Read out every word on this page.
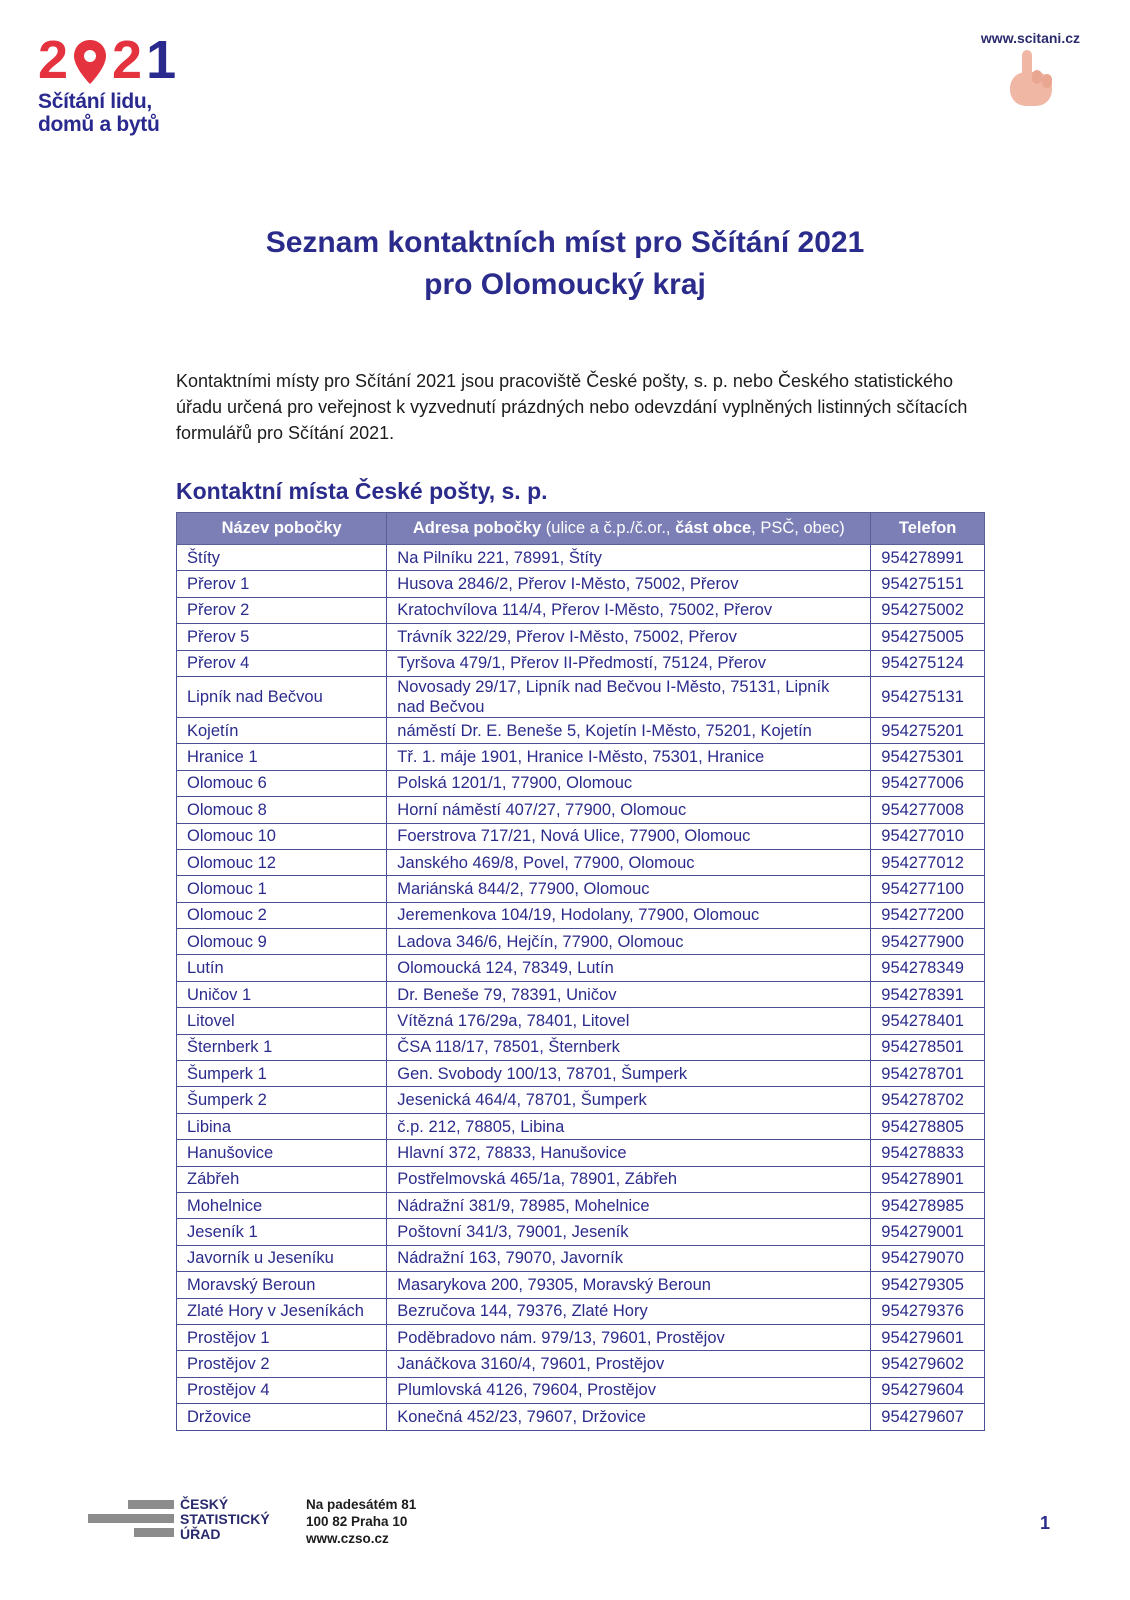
2 2 1
Sčítání lidu,
domů a bytů
www.scitani.cz
Seznam kontaktních míst pro Sčítání 2021
pro Olomoucký kraj

Kontaktními místy pro Sčítání 2021 jsou pracoviště České pošty, s. p. nebo Českého statistického úřadu určená pro veřejnost k vyzvednutí prázdných nebo odevzdání vyplněných listinných sčítacích formulářů pro Sčítání 2021.

Kontaktní místa České pošty, s. p.
Název pobočky	Adresa pobočky (ulice a č.p./č.or., část obce, PSČ, obec)	Telefon
Štíty	Na Pilníku 221, 78991, Štíty	954278991
Přerov 1	Husova 2846/2, Přerov I-Město, 75002, Přerov	954275151
Přerov 2	Kratochvílova 114/4, Přerov I-Město, 75002, Přerov	954275002
Přerov 5	Trávník 322/29, Přerov I-Město, 75002, Přerov	954275005
Přerov 4	Tyršova 479/1, Přerov II-Předmostí, 75124, Přerov	954275124
Lipník nad Bečvou	Novosady 29/17, Lipník nad Bečvou I-Město, 75131, Lipník nad Bečvou	954275131
Kojetín	náměstí Dr. E. Beneše 5, Kojetín I-Město, 75201, Kojetín	954275201
Hranice 1	Tř. 1. máje 1901, Hranice I-Město, 75301, Hranice	954275301
Olomouc 6	Polská 1201/1, 77900, Olomouc	954277006
Olomouc 8	Horní náměstí 407/27, 77900, Olomouc	954277008
Olomouc 10	Foerstrova 717/21, Nová Ulice, 77900, Olomouc	954277010
Olomouc 12	Janského 469/8, Povel, 77900, Olomouc	954277012
Olomouc 1	Mariánská 844/2, 77900, Olomouc	954277100
Olomouc 2	Jeremenkova 104/19, Hodolany, 77900, Olomouc	954277200
Olomouc 9	Ladova 346/6, Hejčín, 77900, Olomouc	954277900
Lutín	Olomoucká 124, 78349, Lutín	954278349
Uničov 1	Dr. Beneše 79, 78391, Uničov	954278391
Litovel	Vítězná 176/29a, 78401, Litovel	954278401
Šternberk 1	ČSA 118/17, 78501, Šternberk	954278501
Šumperk 1	Gen. Svobody 100/13, 78701, Šumperk	954278701
Šumperk 2	Jesenická 464/4, 78701, Šumperk	954278702
Libina	č.p. 212, 78805, Libina	954278805
Hanušovice	Hlavní 372, 78833, Hanušovice	954278833
Zábřeh	Postřelmovská 465/1a, 78901, Zábřeh	954278901
Mohelnice	Nádražní 381/9, 78985, Mohelnice	954278985
Jeseník 1	Poštovní 341/3, 79001, Jeseník	954279001
Javorník u Jeseníku	Nádražní 163, 79070, Javorník	954279070
Moravský Beroun	Masarykova 200, 79305, Moravský Beroun	954279305
Zlaté Hory v Jeseníkách	Bezručova 144, 79376, Zlaté Hory	954279376
Prostějov 1	Poděbradovo nám. 979/13, 79601, Prostějov	954279601
Prostějov 2	Janáčkova 3160/4, 79601, Prostějov	954279602
Prostějov 4	Plumlovská 4126, 79604, Prostějov	954279604
Držovice	Konečná 452/23, 79607, Držovice	954279607
ČESKÝ
STATISTICKÝ
ÚŘAD
Na padesátém 81
100 82 Praha 10
www.czso.cz
1
